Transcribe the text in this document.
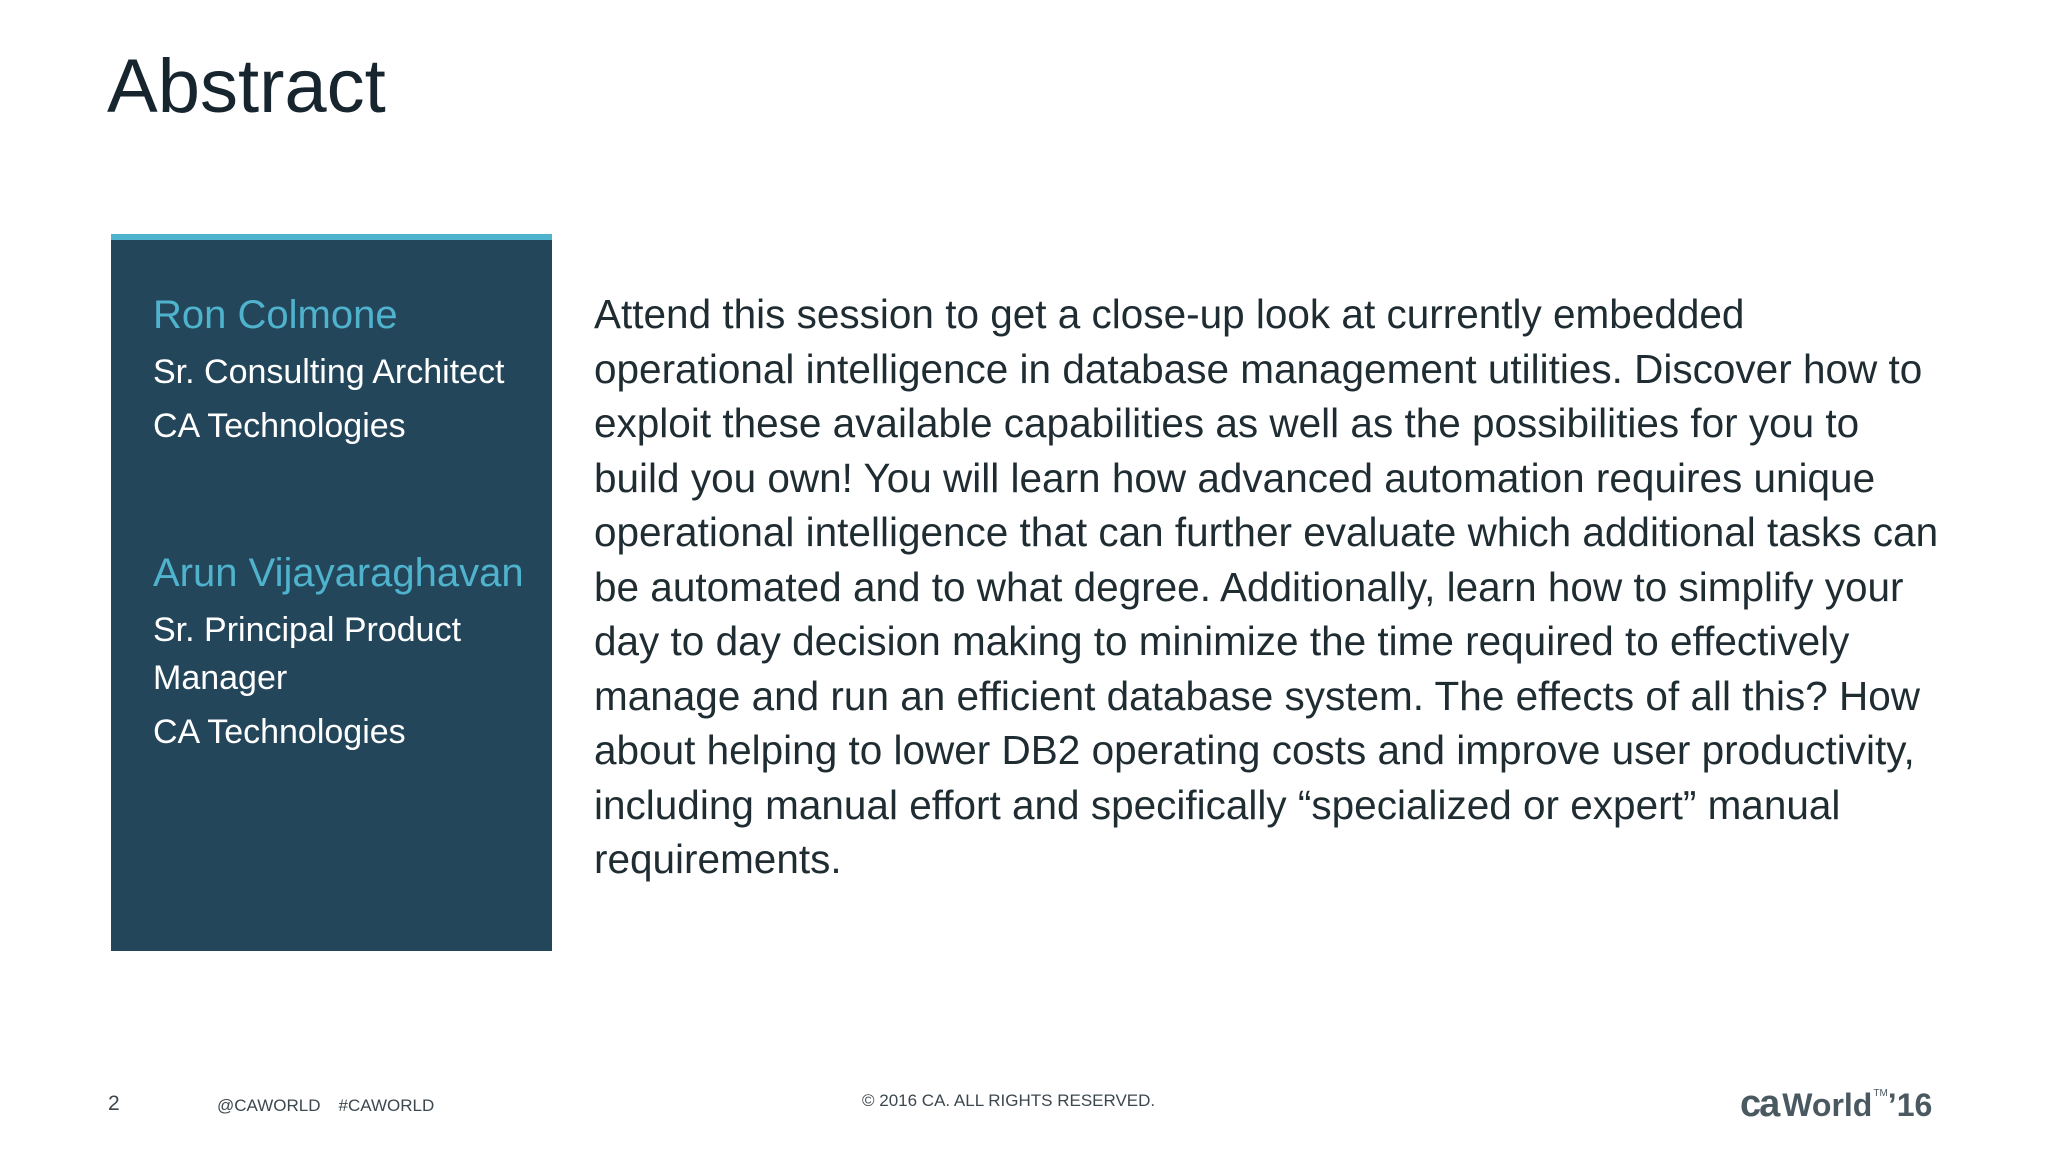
Abstract
Ron Colmone
Sr. Consulting Architect
CA Technologies
Arun Vijayaraghavan
Sr. Principal Product Manager
CA Technologies
Attend this session to get a close-up look at currently embedded operational intelligence in database management utilities. Discover how to exploit these available capabilities as well as the possibilities for you to build you own! You will learn how advanced automation requires unique operational intelligence that can further evaluate which additional tasks can be automated and to what degree. Additionally, learn how to simplify your day to day decision making to minimize the time required to effectively manage and run an efficient database system. The effects of all this? How about helping to lower DB2 operating costs and improve user productivity, including manual effort and specifically “specialized or expert” manual requirements.
2	@CAWORLD #CAWORLD	© 2016 CA. ALL RIGHTS RESERVED.	ca World™’16
